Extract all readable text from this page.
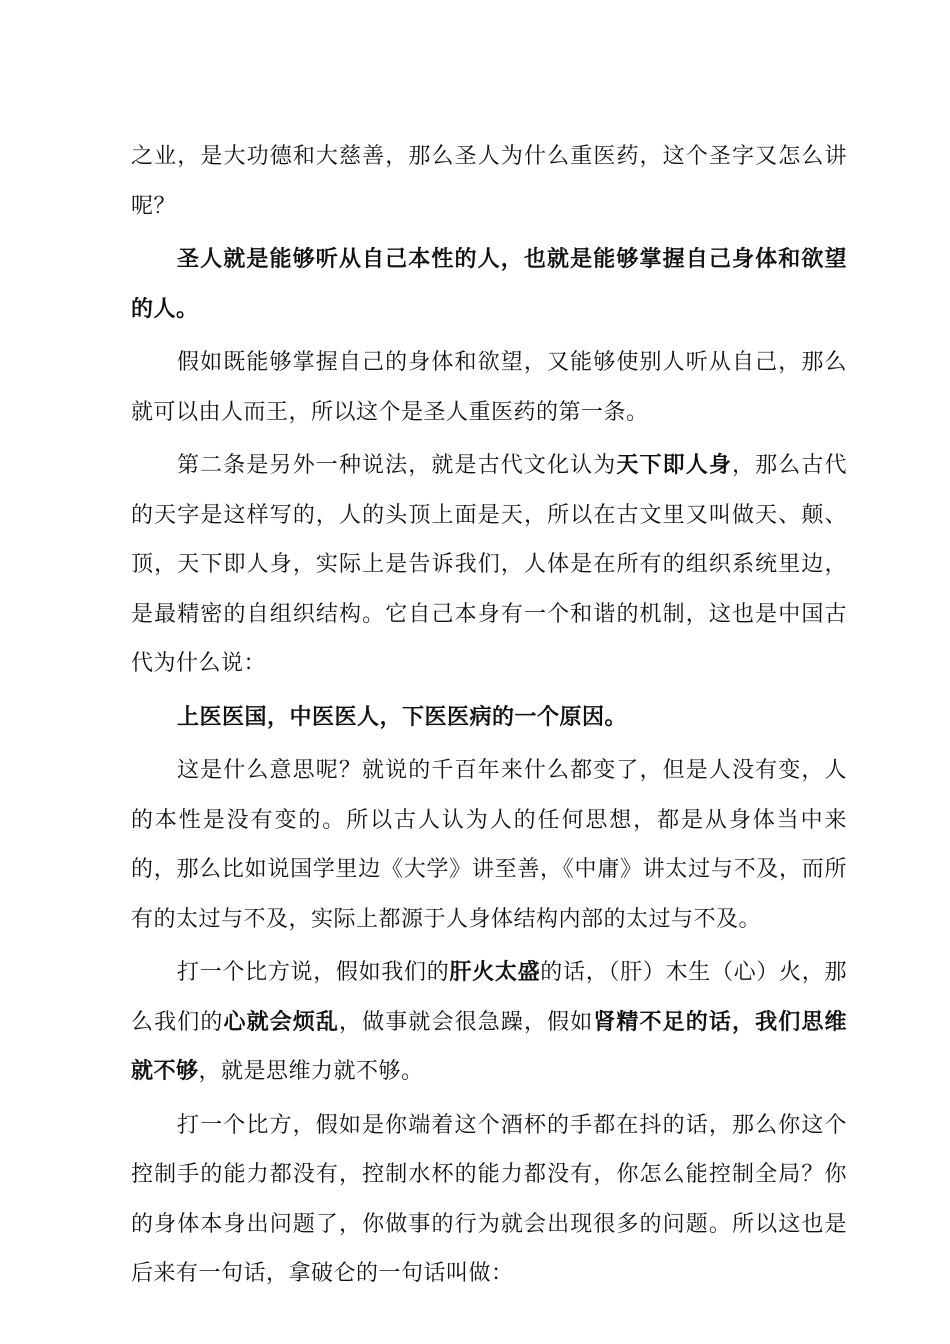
之业，是大功德和大慈善，那么圣人为什么重医药，这个圣字又怎么讲呢？

圣人就是能够听从自己本性的人，也就是能够掌握自己身体和欲望的人。

假如既能够掌握自己的身体和欲望，又能够使别人听从自己，那么就可以由人而王，所以这个是圣人重医药的第一条。

第二条是另外一种说法，就是古代文化认为天下即人身，那么古代的天字是这样写的，人的头顶上面是天，所以在古文里又叫做天、颠、顶，天下即人身，实际上是告诉我们，人体是在所有的组织系统里边，是最精密的自组织结构。它自己本身有一个和谐的机制，这也是中国古代为什么说：

上医医国，中医医人，下医医病的一个原因。

这是什么意思呢？就说的千百年来什么都变了，但是人没有变，人的本性是没有变的。所以古人认为人的任何思想，都是从身体当中来的，那么比如说国学里边《大学》讲至善，《中庸》讲太过与不及，而所有的太过与不及，实际上都源于人身体结构内部的太过与不及。

打一个比方说，假如我们的肝火太盛的话，（肝）木生（心）火，那么我们的心就会烦乱，做事就会很急躁，假如肾精不足的话，我们思维就不够，就是思维力就不够。

打一个比方，假如是你端着这个酒杯的手都在抖的话，那么你这个控制手的能力都没有，控制水杯的能力都没有，你怎么能控制全局？你的身体本身出问题了，你做事的行为就会出现很多的问题。所以这也是后来有一句话，拿破仑的一句话叫做：
